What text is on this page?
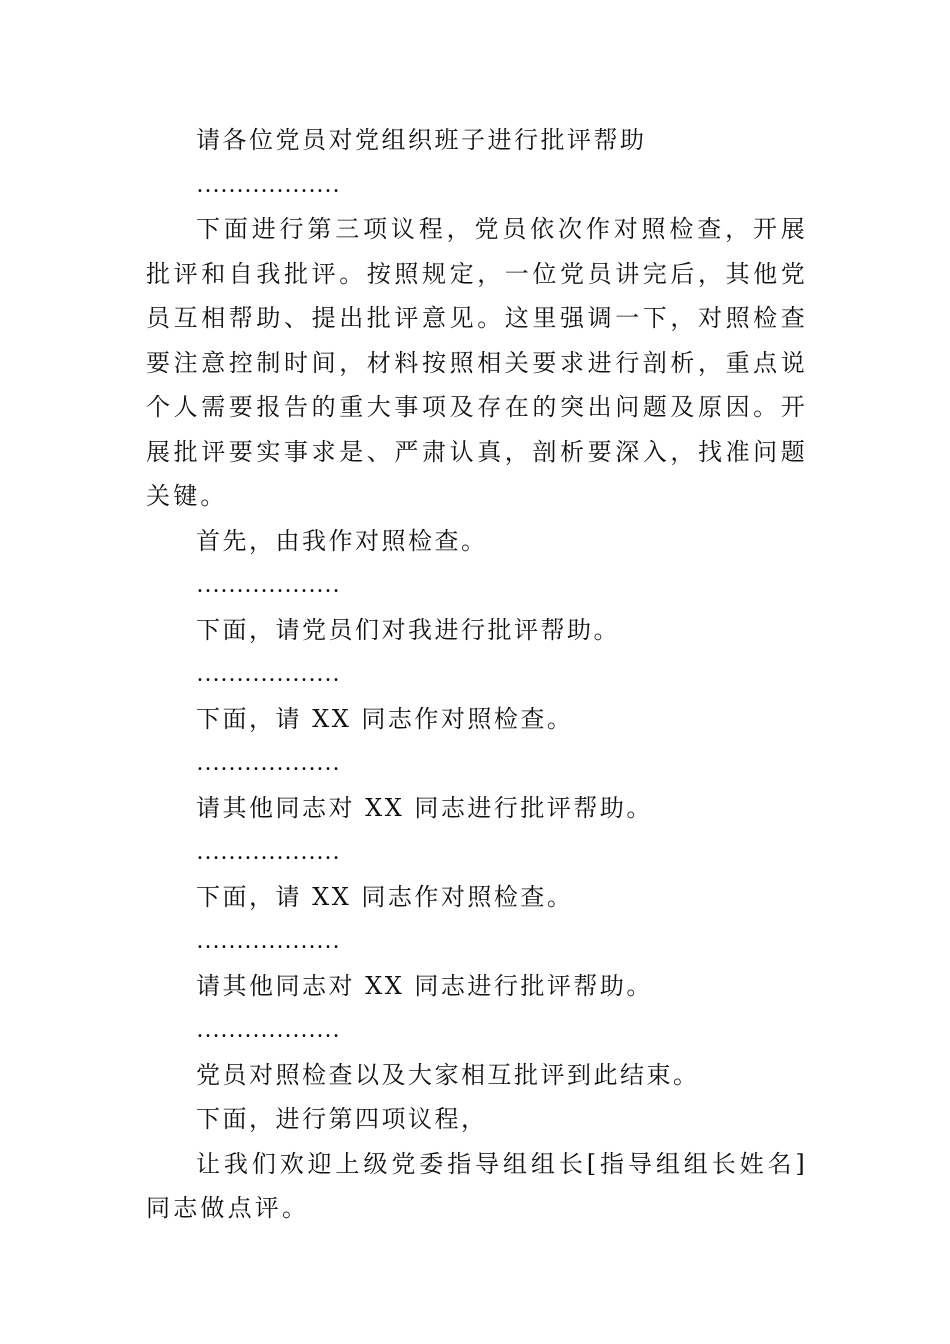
请各位党员对党组织班子进行批评帮助

………………

下面进行第三项议程，党员依次作对照检查，开展批评和自我批评。按照规定，一位党员讲完后，其他党员互相帮助、提出批评意见。这里强调一下，对照检查要注意控制时间，材料按照相关要求进行剖析，重点说个人需要报告的重大事项及存在的突出问题及原因。开展批评要实事求是、严肃认真，剖析要深入，找准问题关键。

首先，由我作对照检查。

………………

下面，请党员们对我进行批评帮助。

………………

下面，请 XX 同志作对照检查。

………………

请其他同志对 XX 同志进行批评帮助。

………………

下面，请 XX 同志作对照检查。

………………

请其他同志对 XX 同志进行批评帮助。

………………

党员对照检查以及大家相互批评到此结束。

下面，进行第四项议程，

让我们欢迎上级党委指导组组长[指导组组长姓名]同志做点评。
